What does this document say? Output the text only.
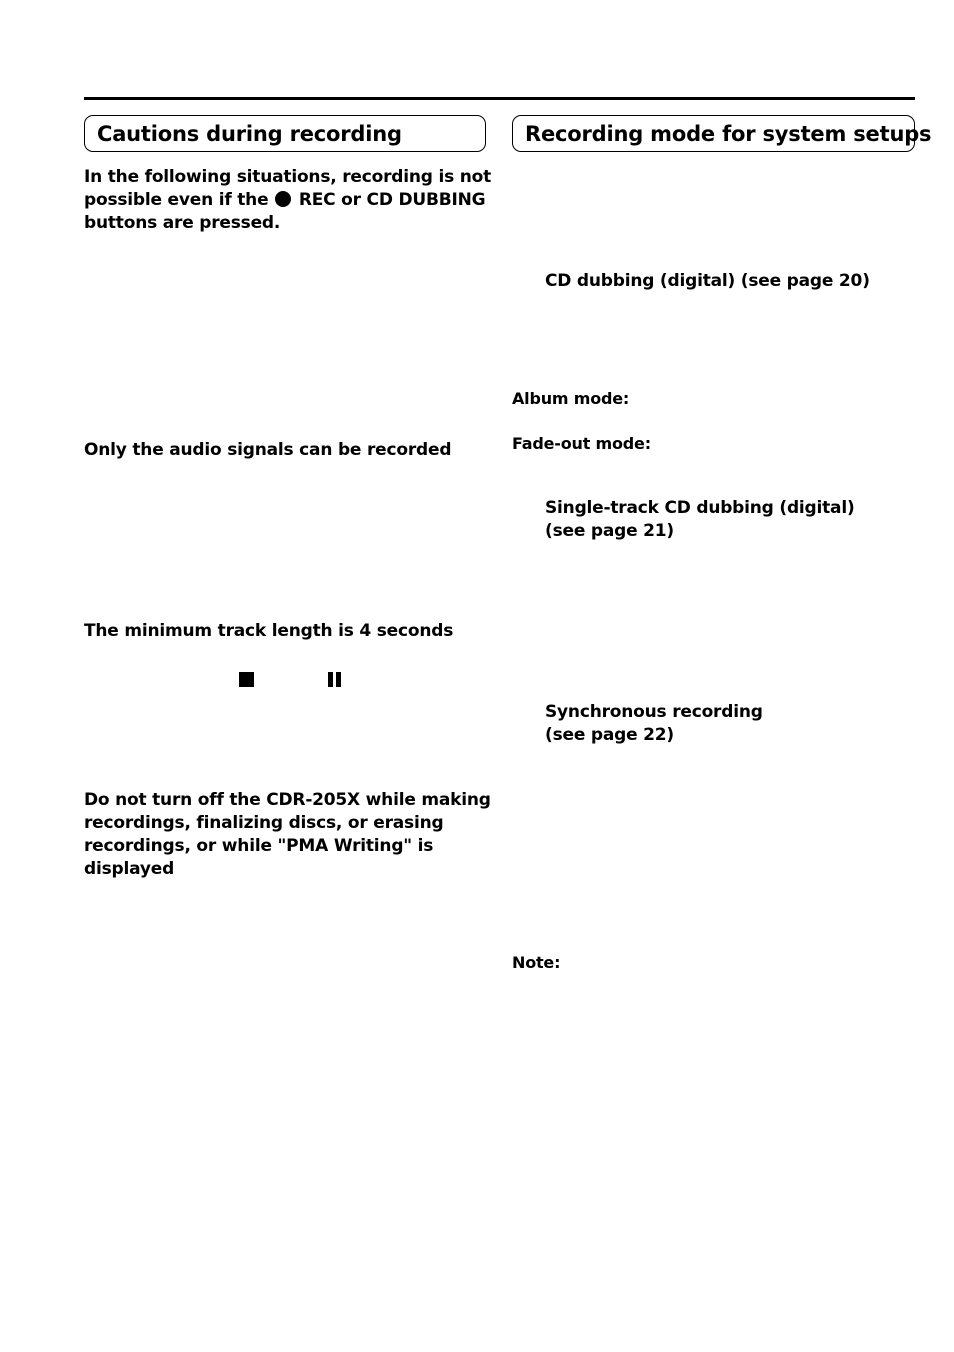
Cautions during recording
In the following situations, recording is not
possible even if the REC or CD DUBBING
buttons are pressed.
Only the audio signals can be recorded
The minimum track length is 4 seconds
Do not turn off the CDR-205X while making
recordings, finalizing discs, or erasing
recordings, or while "PMA Writing" is
displayed
Recording mode for system setups
CD dubbing (digital) (see page 20)
Album mode:
Fade-out mode:
Single-track CD dubbing (digital)
(see page 21)
Synchronous recording
(see page 22)
Note:
